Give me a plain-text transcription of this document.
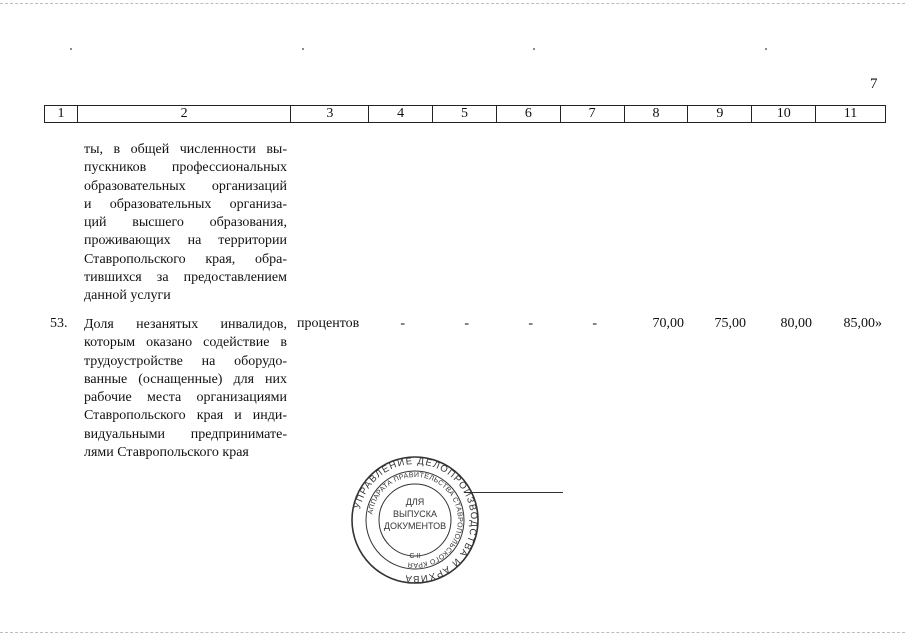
7
1	2	3	4	5	6	7	8	9	10	11
ты, в общей численности вы-
пускников профессиональных
образовательных организаций
и образовательных организа-
ций высшего образования,
проживающих на территории
Ставропольского края, обра-
тившихся за предоставлением
данной услуги
53. Доля незанятых инвалидов,
которым оказано содействие в
трудоустройстве на оборудо-
ванные (оснащенные) для них
рабочие места организациями
Ставропольского края и инди-
видуальными предпринимате-
лями Ставропольского края
процентов	-	-	-	-	70,00	75,00	80,00	85,00»
УПРАВЛЕНИЕ ДЕЛОПРОИЗВОДСТВА И АРХИВА
АППАРАТА ПРАВИТЕЛЬСТВА СТАВРОПОЛЬСКОГО КРАЯ
ДЛЯ
ВЫПУСКА
ДОКУМЕНТОВ
С-II
